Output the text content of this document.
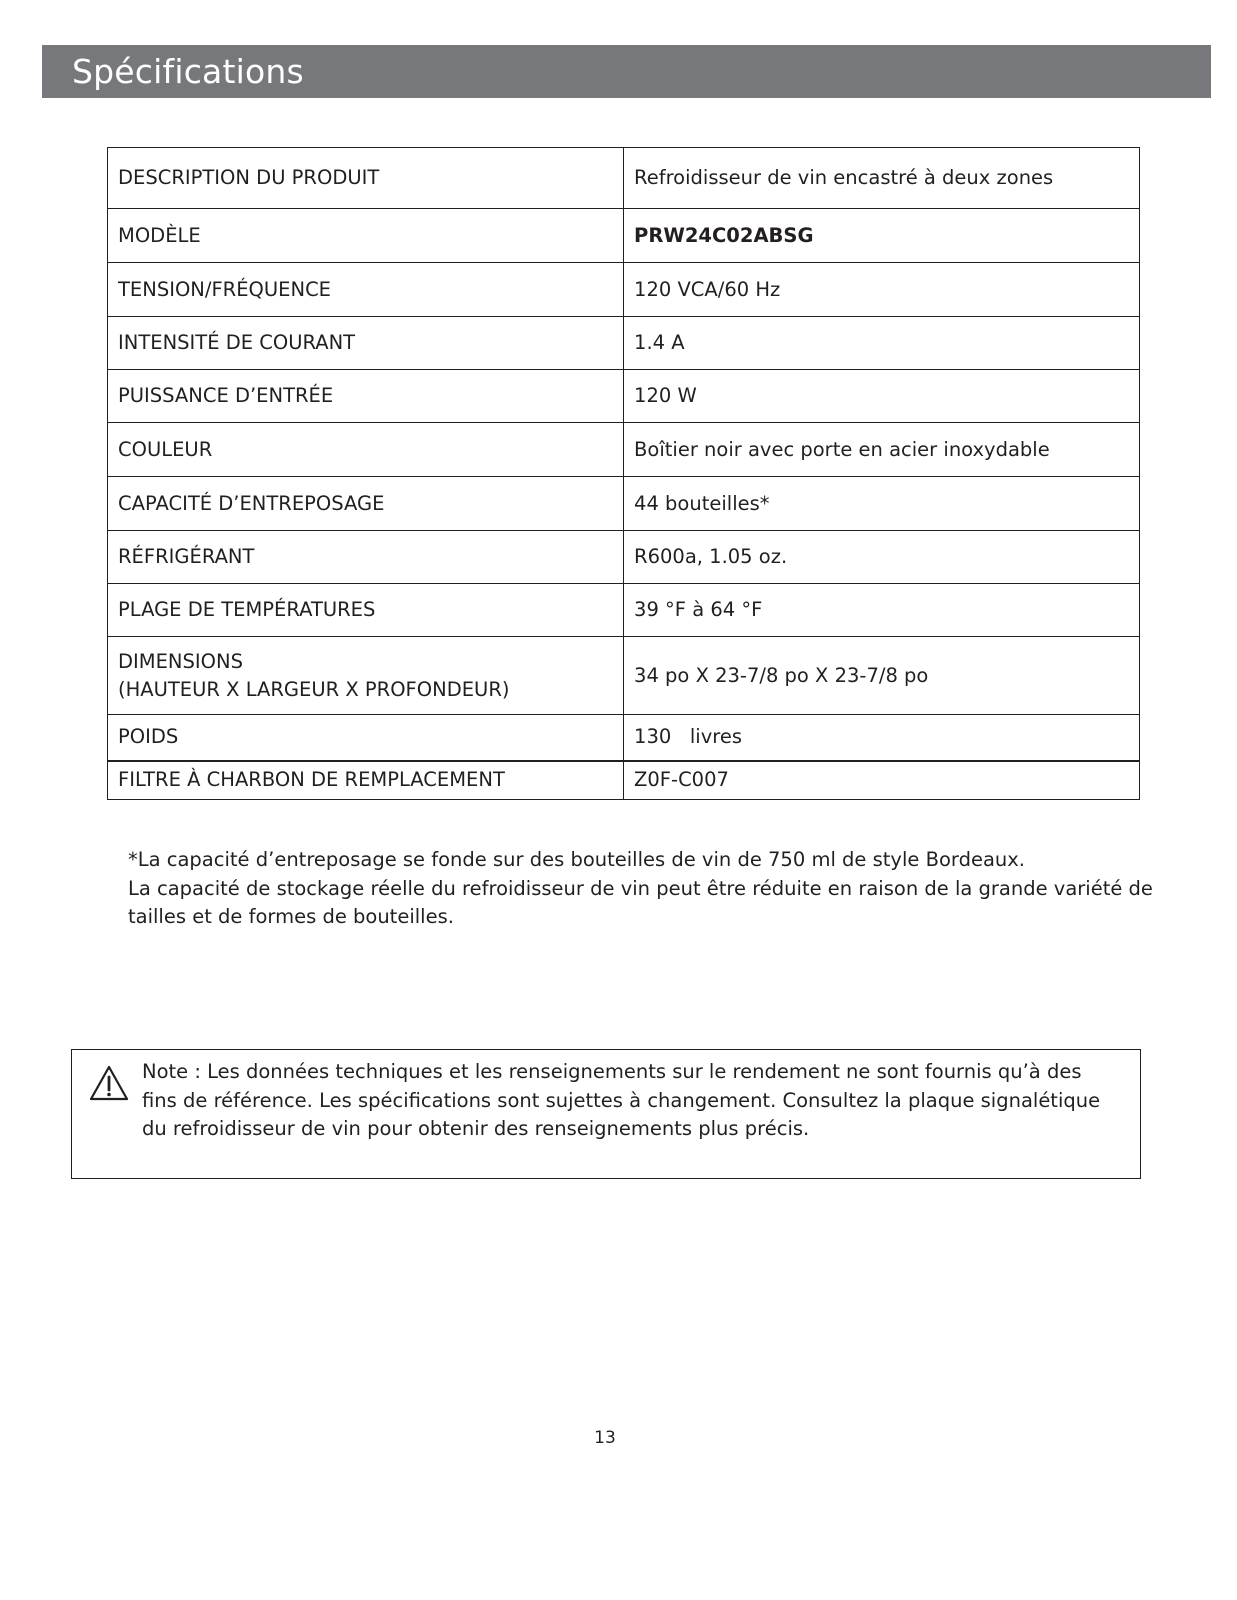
Spécifications
DESCRIPTION DU PRODUIT	Refroidisseur de vin encastré à deux zones
MODÈLE	PRW24C02ABSG
TENSION/FRÉQUENCE	120 VCA/60 Hz
INTENSITÉ DE COURANT	1.4 A
PUISSANCE D’ENTRÉE	120 W
COULEUR	Boîtier noir avec porte en acier inoxydable
CAPACITÉ D’ENTREPOSAGE	44 bouteilles*
RÉFRIGÉRANT	R600a, 1.05 oz.
PLAGE DE TEMPÉRATURES	39 °F à 64 °F

DIMENSIONS
(HAUTEUR X LARGEUR X PROFONDEUR)	34 po X 23-7/8 po X 23-7/8 po
POIDS	130   livres
FILTRE À CHARBON DE REMPLACEMENT	Z0F-C007
*La capacité d’entreposage se fonde sur des bouteilles de vin de 750 ml de style Bordeaux.
La capacité de stockage réelle du refroidisseur de vin peut être réduite en raison de la grande variété de
tailles et de formes de bouteilles.
Note : Les données techniques et les renseignements sur le rendement ne sont fournis qu’à des
fins de référence. Les spécifications sont sujettes à changement. Consultez la plaque signalétique
du refroidisseur de vin pour obtenir des renseignements plus précis.
13
